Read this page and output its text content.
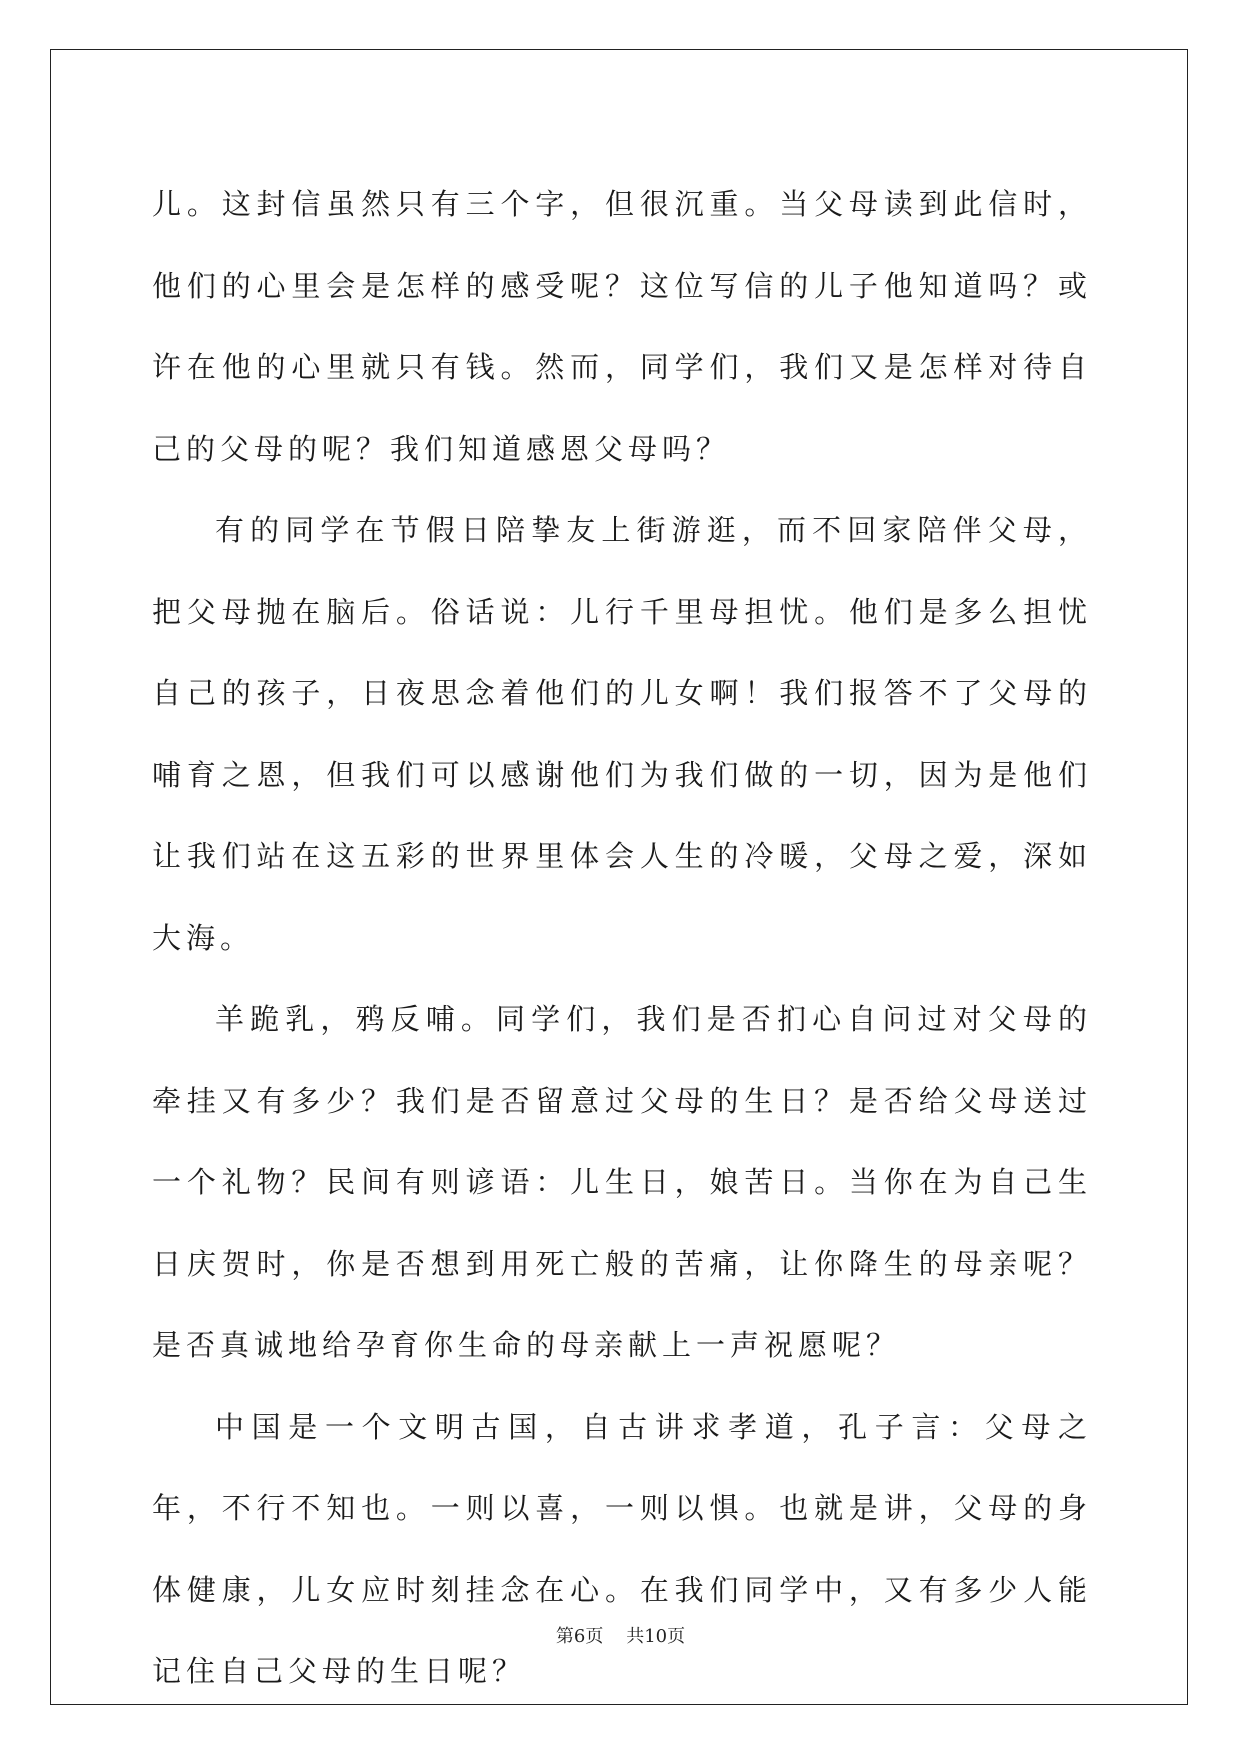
儿。这封信虽然只有三个字，但很沉重。当父母读到此信时，他们的心里会是怎样的感受呢？这位写信的儿子他知道吗？或许在他的心里就只有钱。然而，同学们，我们又是怎样对待自己的父母的呢？我们知道感恩父母吗？

有的同学在节假日陪挚友上街游逛，而不回家陪伴父母，把父母抛在脑后。俗话说：儿行千里母担忧。他们是多么担忧自己的孩子，日夜思念着他们的儿女啊！我们报答不了父母的哺育之恩，但我们可以感谢他们为我们做的一切，因为是他们让我们站在这五彩的世界里体会人生的冷暖，父母之爱，深如大海。

羊跪乳，鸦反哺。同学们，我们是否扪心自问过对父母的牵挂又有多少？我们是否留意过父母的生日？是否给父母送过一个礼物？民间有则谚语：儿生日，娘苦日。当你在为自己生日庆贺时，你是否想到用死亡般的苦痛，让你降生的母亲呢？是否真诚地给孕育你生命的母亲献上一声祝愿呢？

中国是一个文明古国，自古讲求孝道，孔子言：父母之年，不行不知也。一则以喜，一则以惧。也就是讲，父母的身体健康，儿女应时刻挂念在心。在我们同学中，又有多少人能记住自己父母的生日呢？

第6页 共10页
